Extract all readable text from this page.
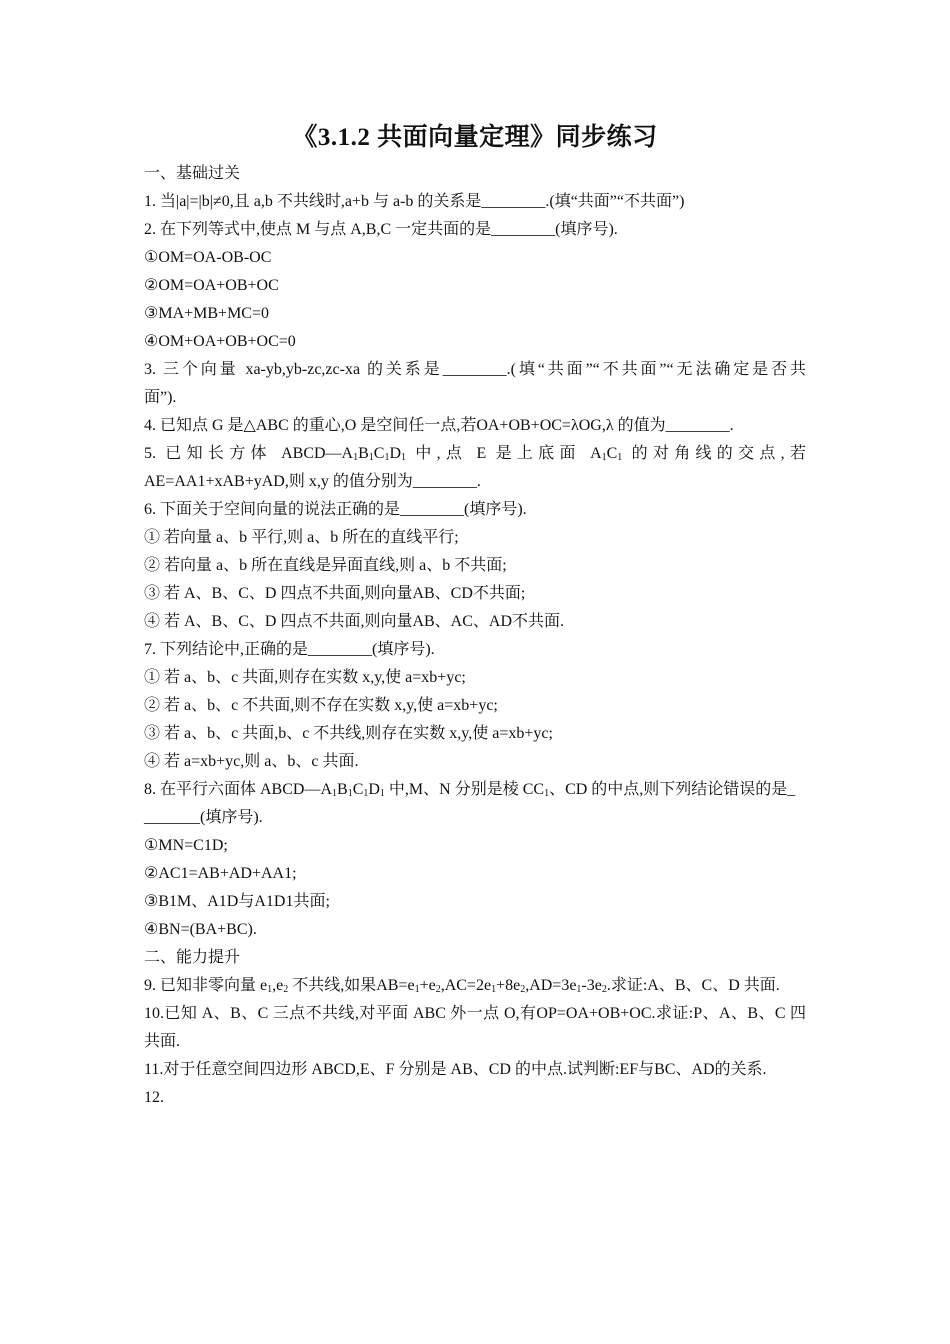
《3.1.2 共面向量定理》同步练习
一、基础过关
1. 当|a|=|b|≠0,且 a,b 不共线时,a+b 与 a-b 的关系是________.(填“共面”“不共面”)
2. 在下列等式中,使点 M 与点 A,B,C 一定共面的是________(填序号).
①OM=OA-OB-OC
②OM=OA+OB+OC
③MA+MB+MC=0
④OM+OA+OB+OC=0
3. 三个向量 xa-yb,yb-zc,zc-xa 的关系是________.(填“共面”“不共面”“无法确定是否共
面”).
4. 已知点 G 是△ABC 的重心,O 是空间任一点,若OA+OB+OC=λOG,λ 的值为________.
5. 已知长方体 $ABCD—A_1B_1C_1D_1$ 中,点 E 是上底面 $A_1C_1$ 的对角线的交点,若
AE=AA1+xAB+yAD,则 x,y 的值分别为________.
6. 下面关于空间向量的说法正确的是________(填序号).
① 若向量 a、b 平行,则 a、b 所在的直线平行;
② 若向量 a、b 所在直线是异面直线,则 a、b 不共面;
③ 若 A、B、C、D 四点不共面,则向量AB、CD不共面;
④ 若 A、B、C、D 四点不共面,则向量AB、AC、AD不共面.
7. 下列结论中,正确的是________(填序号).
① 若 a、b、c 共面,则存在实数 x,y,使 a=xb+yc;
② 若 a、b、c 不共面,则不存在实数 x,y,使 a=xb+yc;
③ 若 a、b、c 共面,b、c 不共线,则存在实数 x,y,使 a=xb+yc;
④ 若 a=xb+yc,则 a、b、c 共面.
8. 在平行六面体 $ABCD—A_1B_1C_1D_1$ 中,M、N 分别是棱 $CC_1$、CD 的中点,则下列结论错误的是_
_______(填序号).
①MN=C1D;
②AC1=AB+AD+AA1;
③B1M、A1D与A1D1共面;
④BN=(BA+BC).
二、能力提升
9. 已知非零向量 $e_1,e_2$ 不共线,如果$AB=e_1+e_2,AC=2e_1+8e_2,AD=3e_1-3e_2$.求证:A、B、C、D 共面.
10.已知 A、B、C 三点不共线,对平面 ABC 外一点 O,有OP=OA+OB+OC.求证:P、A、B、C 四
共面.
11.对于任意空间四边形 ABCD,E、F 分别是 AB、CD 的中点.试判断:EF与BC、AD的关系.
12.
